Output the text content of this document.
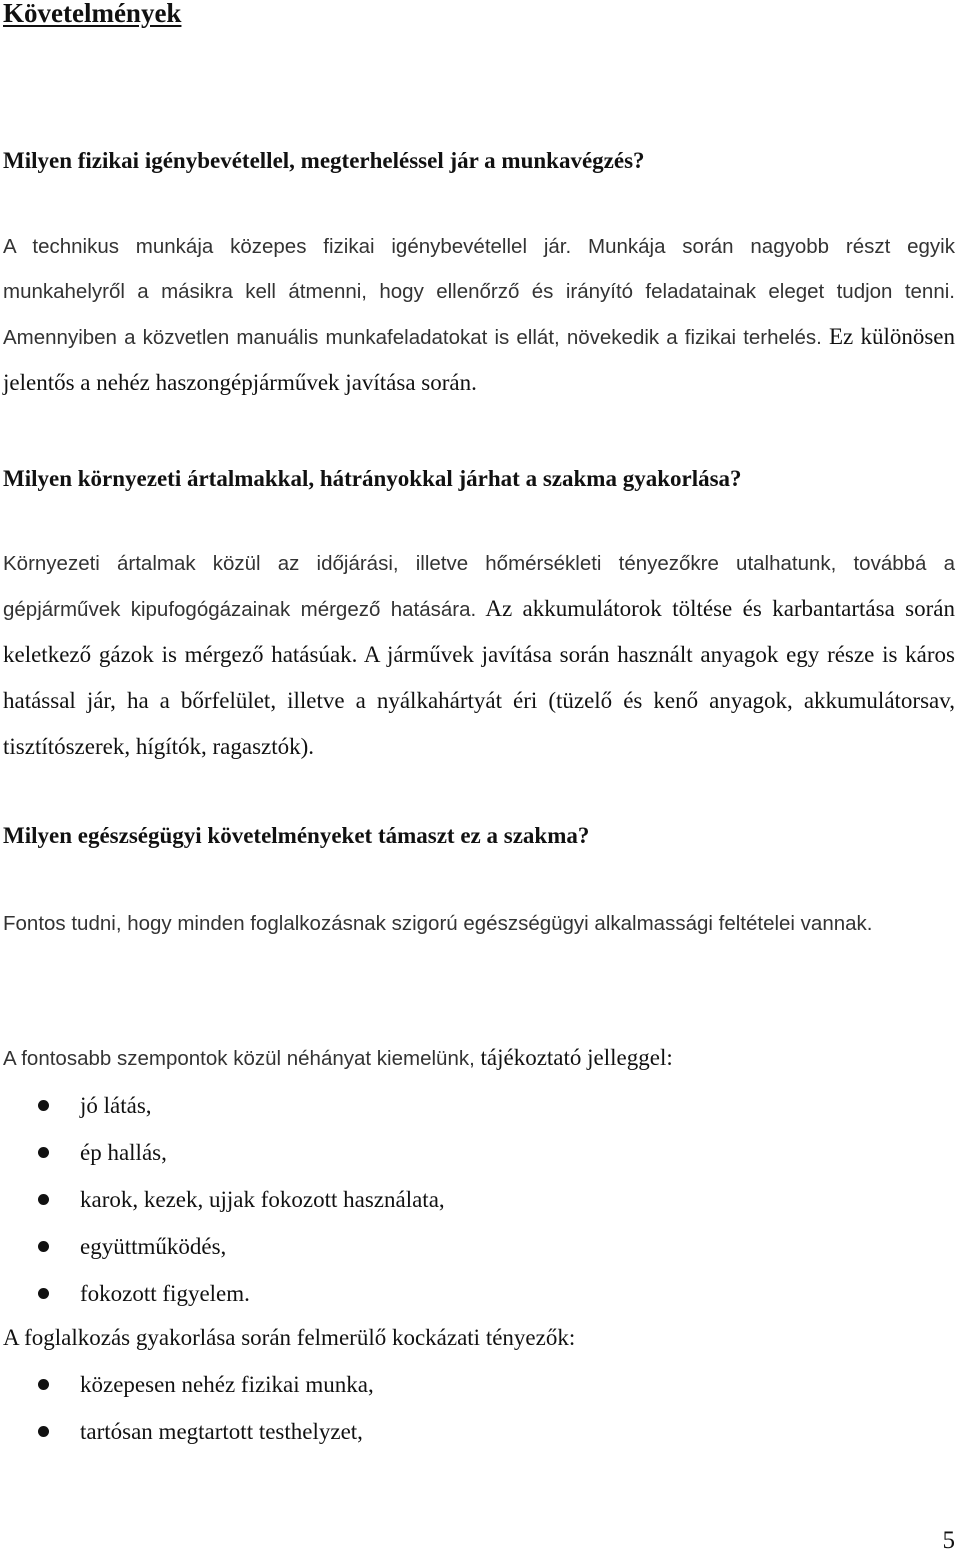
Követelmények
Milyen fizikai igénybevétellel, megterheléssel jár a munkavégzés?

A technikus munkája közepes fizikai igénybevétellel jár. Munkája során nagyobb részt egyik munkahelyről a másikra kell átmenni, hogy ellenőrző és irányító feladatainak eleget tudjon tenni. Amennyiben a közvetlen manuális munkafeladatokat is ellát, növekedik a fizikai terhelés. Ez különösen jelentős a nehéz haszongépjárművek javítása során.

Milyen környezeti ártalmakkal, hátrányokkal járhat a szakma gyakorlása?

Környezeti ártalmak közül az időjárási, illetve hőmérsékleti tényezőkre utalhatunk, továbbá a gépjárművek kipufogógázainak mérgező hatására. Az akkumulátorok töltése és karbantartása során keletkező gázok is mérgező hatásúak. A járművek javítása során használt anyagok egy része is káros hatással jár, ha a bőrfelület, illetve a nyálkahártyát éri (tüzelő és kenő anyagok, akkumulátorsav, tisztítószerek, hígítók, ragasztók).

Milyen egészségügyi követelményeket támaszt ez a szakma?

Fontos tudni, hogy minden foglalkozásnak szigorú egészségügyi alkalmassági feltételei vannak.

A fontosabb szempontok közül néhányat kiemelünk, tájékoztató jelleggel:

jó látás,
ép hallás,
karok, kezek, ujjak fokozott használata,
együttműködés,
fokozott figyelem.

A foglalkozás gyakorlása során felmerülő kockázati tényezők:

közepesen nehéz fizikai munka,
tartósan megtartott testhelyzet,
5
